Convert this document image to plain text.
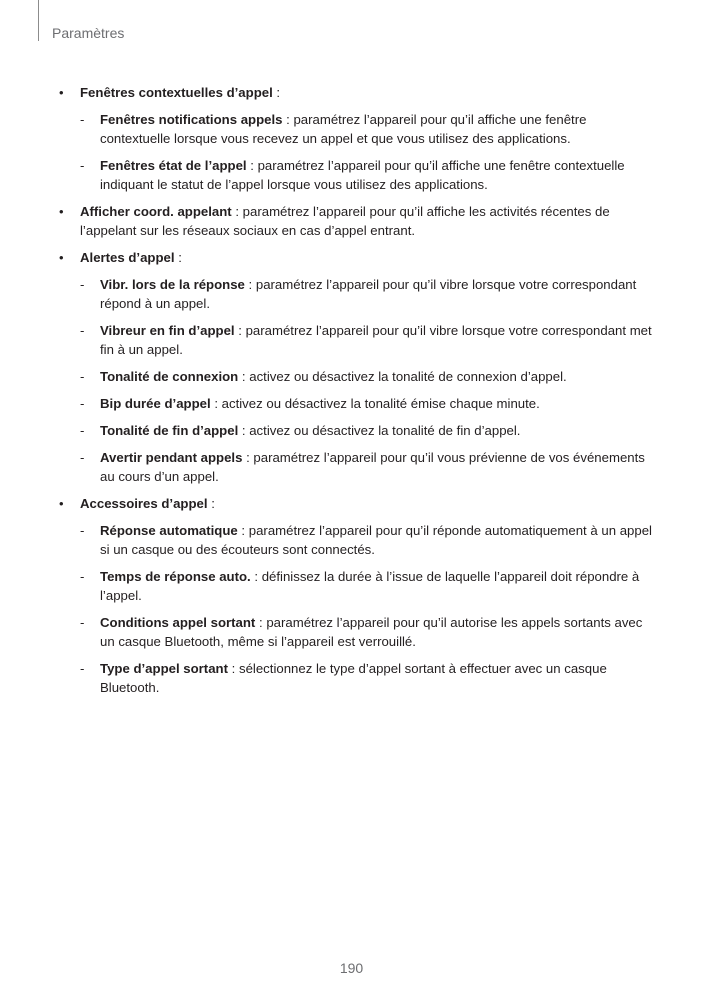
Paramètres
• Fenêtres contextuelles d’appel :
- Fenêtres notifications appels : paramétrez l’appareil pour qu’il affiche une fenêtre contextuelle lorsque vous recevez un appel et que vous utilisez des applications.
- Fenêtres état de l’appel : paramétrez l’appareil pour qu’il affiche une fenêtre contextuelle indiquant le statut de l’appel lorsque vous utilisez des applications.
• Afficher coord. appelant : paramétrez l’appareil pour qu’il affiche les activités récentes de l’appelant sur les réseaux sociaux en cas d’appel entrant.
• Alertes d’appel :
- Vibr. lors de la réponse : paramétrez l’appareil pour qu’il vibre lorsque votre correspondant répond à un appel.
- Vibreur en fin d’appel : paramétrez l’appareil pour qu’il vibre lorsque votre correspondant met fin à un appel.
- Tonalité de connexion : activez ou désactivez la tonalité de connexion d’appel.
- Bip durée d’appel : activez ou désactivez la tonalité émise chaque minute.
- Tonalité de fin d’appel : activez ou désactivez la tonalité de fin d’appel.
- Avertir pendant appels : paramétrez l’appareil pour qu’il vous prévienne de vos événements au cours d’un appel.
• Accessoires d’appel :
- Réponse automatique : paramétrez l’appareil pour qu’il réponde automatiquement à un appel si un casque ou des écouteurs sont connectés.
- Temps de réponse auto. : définissez la durée à l’issue de laquelle l’appareil doit répondre à l’appel.
- Conditions appel sortant : paramétrez l’appareil pour qu’il autorise les appels sortants avec un casque Bluetooth, même si l’appareil est verrouillé.
- Type d’appel sortant : sélectionnez le type d’appel sortant à effectuer avec un casque Bluetooth.
190
